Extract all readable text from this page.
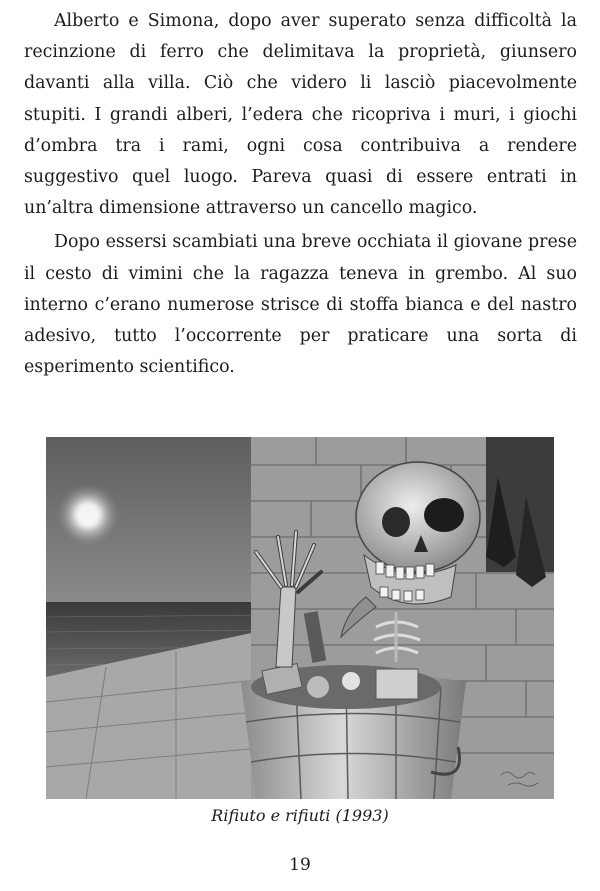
Alberto e Simona, dopo aver superato senza difficoltà la recinzione di ferro che delimitava la proprietà, giunsero davanti alla villa. Ciò che videro li lasciò piacevolmente stupiti. I grandi alberi, l’edera che ricopriva i muri, i giochi d’ombra tra i rami, ogni cosa contribuiva a rendere suggestivo quel luogo. Pareva quasi di essere entrati in un’altra dimensione attraverso un cancello magico.

Dopo essersi scambiati una breve occhiata il giovane prese il cesto di vimini che la ragazza teneva in grembo. Al suo interno c’erano numerose strisce di stoffa bianca e del nastro adesivo, tutto l’occorrente per praticare una sorta di esperimento scientifico.

Rifiuto e rifiuti (1993)
19
